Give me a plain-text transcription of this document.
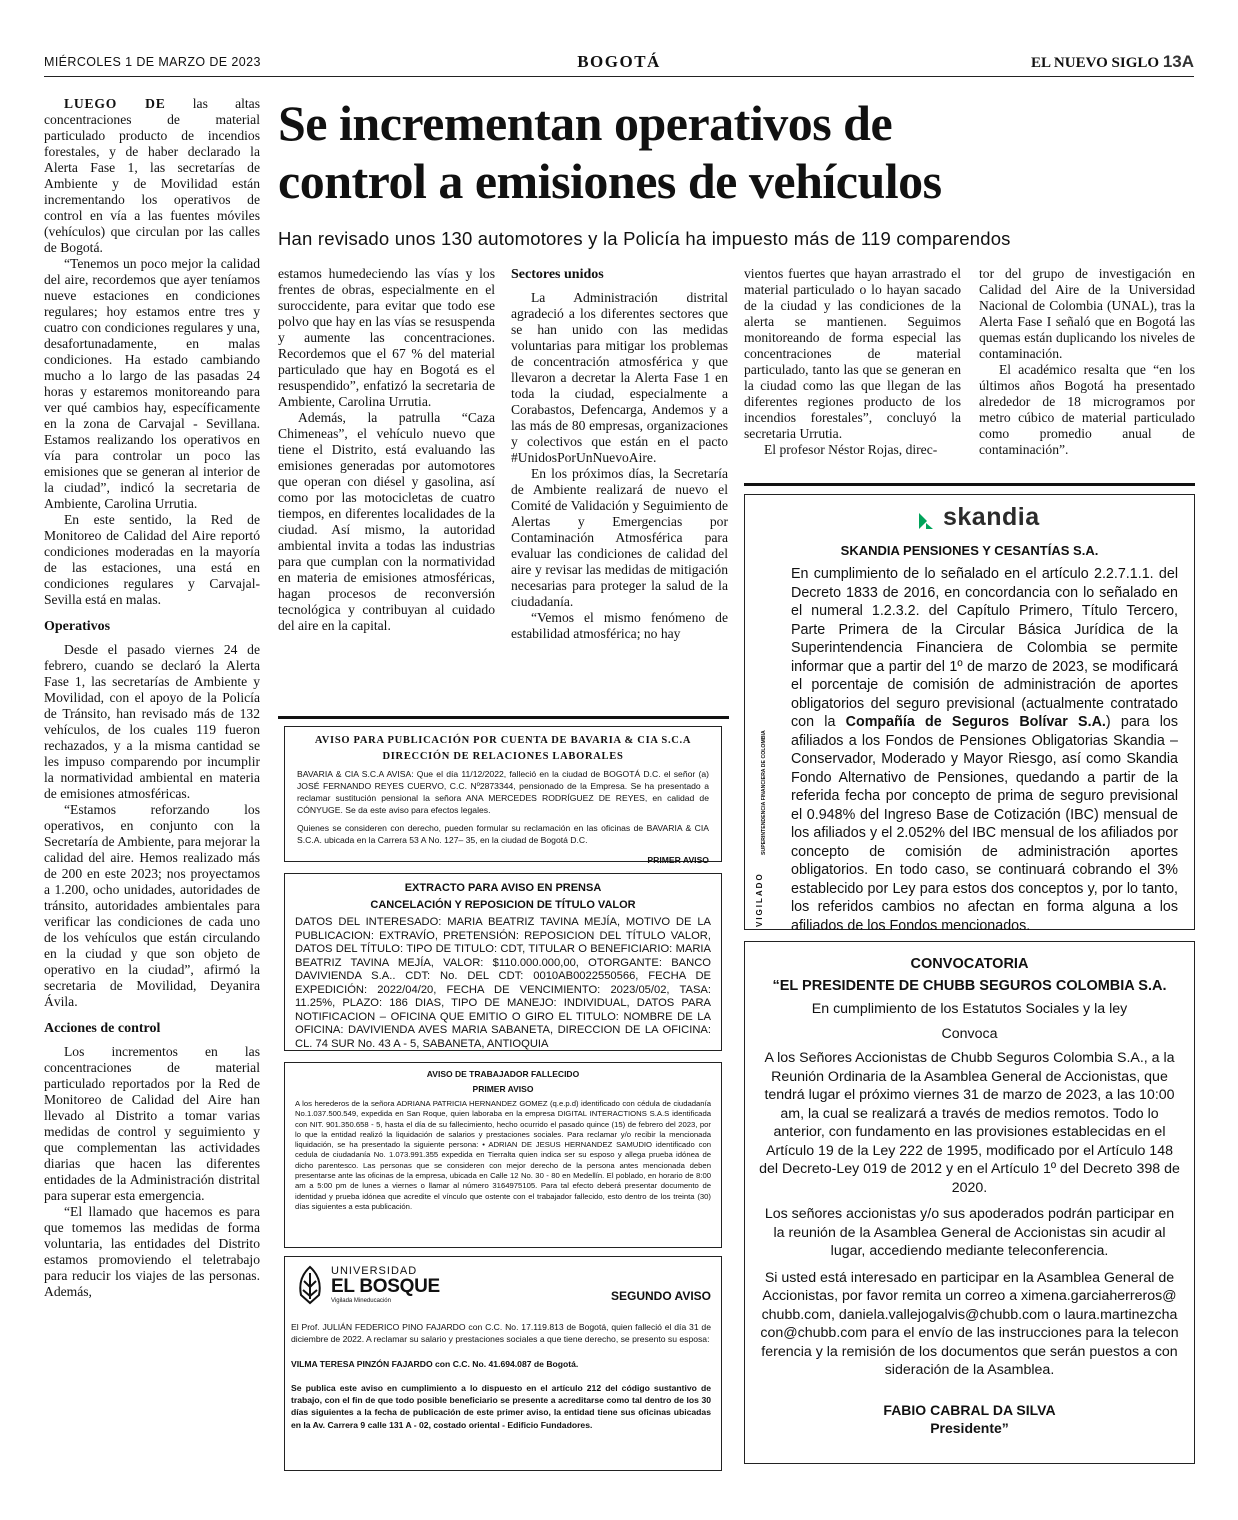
MIÉRCOLES 1 DE MARZO DE 2023	BOGOTÁ	EL NUEVO SIGLO 13A

LUEGO DE las altas concentraciones de material particulado producto de incendios forestales, y de haber declarado la Alerta Fase 1, las secretarías de Ambiente y de Movilidad están incrementando los operativos de control en vía a las fuentes móviles (vehículos) que circulan por las calles de Bogotá.

“Tenemos un poco mejor la calidad del aire, recordemos que ayer teníamos nueve estaciones en condiciones regulares; hoy estamos entre tres y cuatro con condiciones regulares y una, desafortunadamente, en malas condiciones. Ha estado cambiando mucho a lo largo de las pasadas 24 horas y estaremos monitoreando para ver qué cambios hay, específicamente en la zona de Carvajal - Sevillana. Estamos realizando los operativos en vía para controlar un poco las emisiones que se generan al interior de la ciudad”, indicó la secretaria de Ambiente, Carolina Urrutia.

En este sentido, la Red de Monitoreo de Calidad del Aire reportó condiciones moderadas en la mayoría de las estaciones, una está en condiciones regulares y Carvajal-Sevilla está en malas.

Operativos

Desde el pasado viernes 24 de febrero, cuando se declaró la Alerta Fase 1, las secretarías de Ambiente y Movilidad, con el apoyo de la Policía de Tránsito, han revisado más de 132 vehículos, de los cuales 119 fueron rechazados, y a la misma cantidad se les impuso comparendo por incumplir la normatividad ambiental en materia de emisiones atmosféricas.

“Estamos reforzando los operativos, en conjunto con la Secretaría de Ambiente, para mejorar la calidad del aire. Hemos realizado más de 200 en este 2023; nos proyectamos a 1.200, ocho unidades, autoridades de tránsito, autoridades ambientales para verificar las condiciones de cada uno de los vehículos que están circulando en la ciudad y que son objeto de operativo en la ciudad”, afirmó la secretaria de Movilidad, Deyanira Ávila.

Acciones de control

Los incrementos en las concentraciones de material particulado reportados por la Red de Monitoreo de Calidad del Aire han llevado al Distrito a tomar varias medidas de control y seguimiento y que complementan las actividades diarias que hacen las diferentes entidades de la Administración distrital para superar esta emergencia.

“El llamado que hacemos es para que tomemos las medidas de forma voluntaria, las entidades del Distrito estamos promoviendo el teletrabajo para reducir los viajes de las personas. Además,

Se incrementan operativos de
control a emisiones de vehículos
Han revisado unos 130 automotores y la Policía ha impuesto más de 119 comparendos

estamos humedeciendo las vías y los frentes de obras, especialmente en el suroccidente, para evitar que todo ese polvo que hay en las vías se resuspenda y aumente las concentraciones. Recordemos que el 67 % del material particulado que hay en Bogotá es el resuspendido”, enfatizó la secretaria de Ambiente, Carolina Urrutia.

Además, la patrulla “Caza Chimeneas”, el vehículo nuevo que tiene el Distrito, está evaluando las emisiones generadas por automotores que operan con diésel y gasolina, así como por las motocicletas de cuatro tiempos, en diferentes localidades de la ciudad. Así mismo, la autoridad ambiental invita a todas las industrias para que cumplan con la normatividad en materia de emisiones atmosféricas, hagan procesos de reconversión tecnológica y contribuyan al cuidado del aire en la capital.

Sectores unidos

La Administración distrital agradeció a los diferentes sectores que se han unido con las medidas voluntarias para mitigar los problemas de concentración atmosférica y que llevaron a decretar la Alerta Fase 1 en toda la ciudad, especialmente a Corabastos, Defencarga, Andemos y a las más de 80 empresas, organizaciones y colectivos que están en el pacto #UnidosPorUnNuevoAire.

En los próximos días, la Secretaría de Ambiente realizará de nuevo el Comité de Validación y Seguimiento de Alertas y Emergencias por Contaminación Atmosférica para evaluar las condiciones de calidad del aire y revisar las medidas de mitigación necesarias para proteger la salud de la ciudadanía.

“Vemos el mismo fenómeno de estabilidad atmosférica; no hay

vientos fuertes que hayan arrastrado el material particulado o lo hayan sacado de la ciudad y las condiciones de la alerta se mantienen. Seguimos monitoreando de forma especial las concentraciones de material particulado, tanto las que se generan en la ciudad como las que llegan de las diferentes regiones producto de los incendios forestales”, concluyó la secretaria Urrutia.

El profesor Néstor Rojas, direc-

tor del grupo de investigación en Calidad del Aire de la Universidad Nacional de Colombia (UNAL), tras la Alerta Fase I señaló que en Bogotá las quemas están duplicando los niveles de contaminación.

El académico resalta que “en los últimos años Bogotá ha presentado alrededor de 18 microgramos por metro cúbico de material particulado como promedio anual de contaminación”.

AVISO PARA PUBLICACIÓN POR CUENTA DE BAVARIA & CIA S.C.A
DIRECCIÓN DE RELACIONES LABORALES
BAVARIA & CIA S.C.A AVISA: Que el día 11/12/2022, falleció en la ciudad de BOGOTÁ D.C. el señor (a) JOSÉ FERNANDO REYES CUERVO, C.C. Nº2873344, pensionado de la Empresa. Se ha presentado a reclamar sustitución pensional la señora ANA MERCEDES RODRÍGUEZ DE REYES, en calidad de CÓNYUGE. Se da este aviso para efectos legales.
Quienes se consideren con derecho, pueden formular su reclamación en las oficinas de BAVARIA & CIA S.C.A. ubicada en la Carrera 53 A No. 127– 35, en la ciudad de Bogotá D.C.
PRIMER AVISO
EXTRACTO PARA AVISO EN PRENSA
CANCELACIÓN Y REPOSICION DE TÍTULO VALOR
DATOS DEL INTERESADO: MARIA BEATRIZ TAVINA MEJÍA, MOTIVO DE LA PUBLICACION: EXTRAVÍO, PRETENSIÓN: REPOSICION DEL TÍTULO VALOR, DATOS DEL TÍTULO: TIPO DE TITULO: CDT, TITULAR O BENEFICIARIO: MARIA BEATRIZ TAVINA MEJÍA, VALOR: $110.000.000,00, OTORGANTE: BANCO DAVIVIENDA S.A.. CDT: No. DEL CDT: 0010AB0022550566, FECHA DE EXPEDICIÓN: 2022/04/20, FECHA DE VENCIMIENTO: 2023/05/02, TASA: 11.25%, PLAZO: 186 DIAS, TIPO DE MANEJO: INDIVIDUAL, DATOS PARA NOTIFICACION – OFICINA QUE EMITIO O GIRO EL TITULO: NOMBRE DE LA OFICINA: DAVIVIENDA AVES MARIA SABANETA, DIRECCION DE LA OFICINA: CL. 74 SUR No. 43 A - 5, SABANETA, ANTIOQUIA
AVISO DE TRABAJADOR FALLECIDO
PRIMER AVISO
A los herederos de la señora ADRIANA PATRICIA HERNANDEZ GOMEZ (q.e.p.d) identificado con cédula de ciudadanía No.1.037.500.549, expedida en San Roque, quien laboraba en la empresa DIGITAL INTERACTIONS S.A.S identificada con NIT. 901.350.658 - 5, hasta el día de su fallecimiento, hecho ocurrido el pasado quince (15) de febrero del 2023, por lo que la entidad realizó la liquidación de salarios y prestaciones sociales. Para reclamar y/o recibir la mencionada liquidación, se ha presentado la siguiente persona: • ADRIAN DE JESUS HERNANDEZ SAMUDIO identificado con cedula de ciudadanía No. 1.073.991.355 expedida en Tierralta quien indica ser su esposo y allega prueba idónea de dicho parentesco. Las personas que se consideren con mejor derecho de la persona antes mencionada deben presentarse ante las oficinas de la empresa, ubicada en Calle 12 No. 30 - 80 en Medellín. El poblado, en horario de 8:00 am a 5:00 pm de lunes a viernes o llamar al número 3164975105. Para tal efecto deberá presentar documento de identidad y prueba idónea que acredite el vínculo que ostente con el trabajador fallecido, esto dentro de los treinta (30) días siguientes a esta publicación.
UNIVERSIDAD
EL BOSQUE
Vigilada Mineducación	SEGUNDO AVISO
El Prof. JULIÁN FEDERICO PINO FAJARDO con C.C. No. 17.119.813 de Bogotá, quien falleció el día 31 de diciembre de 2022. A reclamar su salario y prestaciones sociales a que tiene derecho, se presento su esposa:
VILMA TERESA PINZÓN FAJARDO con C.C. No. 41.694.087 de Bogotá.
Se publica este aviso en cumplimiento a lo dispuesto en el artículo 212 del código sustantivo de trabajo, con el fin de que todo posible beneficiario se presente a acreditarse como tal dentro de los 30 días siguientes a la fecha de publicación de este primer aviso, la entidad tiene sus oficinas ubicadas en la Av. Carrera 9 calle 131 A - 02, costado oriental - Edificio Fundadores.
skandia
SKANDIA PENSIONES Y CESANTÍAS S.A.
VIGILADO
SUPERINTENDENCIA FINANCIERA DE COLOMBIA
En cumplimiento de lo señalado en el artículo 2.2.7.1.1. del Decreto 1833 de 2016, en concordancia con lo señalado en el numeral 1.2.3.2. del Capítulo Primero, Título Tercero, Parte Primera de la Circular Básica Jurídica de la Superintendencia Financiera de Colombia se permite informar que a partir del 1º de marzo de 2023, se modificará el porcentaje de comisión de administración de aportes obligatorios del seguro previsional (actualmente contratado con la Compañía de Seguros Bolívar S.A.) para los afiliados a los Fondos de Pensiones Obligatorias Skandia –Conservador, Moderado y Mayor Riesgo, así como Skandia Fondo Alternativo de Pensiones, quedando a partir de la referida fecha por concepto de prima de seguro previsional el 0.948% del Ingreso Base de Cotización (IBC) mensual de los afiliados y el 2.052% del IBC mensual de los afiliados por concepto de comisión de administración aportes obligatorios. En todo caso, se continuará cobrando el 3% establecido por Ley para estos dos conceptos y, por lo tanto, los referidos cambios no afectan en forma alguna a los afiliados de los Fondos mencionados.
CONVOCATORIA
“EL PRESIDENTE DE CHUBB SEGUROS COLOMBIA S.A.
En cumplimiento de los Estatutos Sociales y la ley
Convoca
A los Señores Accionistas de Chubb Seguros Colombia S.A., a la Reunión Ordinaria de la Asamblea General de Accionistas, que tendrá lugar el próximo viernes 31 de marzo de 2023, a las 10:00 am, la cual se realizará a través de medios remotos. Todo lo anterior, con fundamento en las provisiones establecidas en el Artículo 19 de la Ley 222 de 1995, modificado por el Artículo 148 del Decreto-Ley 019 de 2012 y en el Artículo 1º del Decreto 398 de 2020.
Los señores accionistas y/o sus apoderados podrán participar en la reunión de la Asamblea General de Accionistas sin acudir al lugar, accediendo mediante teleconferencia.
Si usted está interesado en participar en la Asamblea General de Accionistas, por favor remita un correo a ximena.garciaherreros@chubb.com, daniela.vallejogalvis@chubb.com o laura.martinezchacon@chubb.com para el envío de las instrucciones para la teleconferencia y la remisión de los documentos que serán puestos a consideración de la Asamblea.
FABIO CABRAL DA SILVA
Presidente”
